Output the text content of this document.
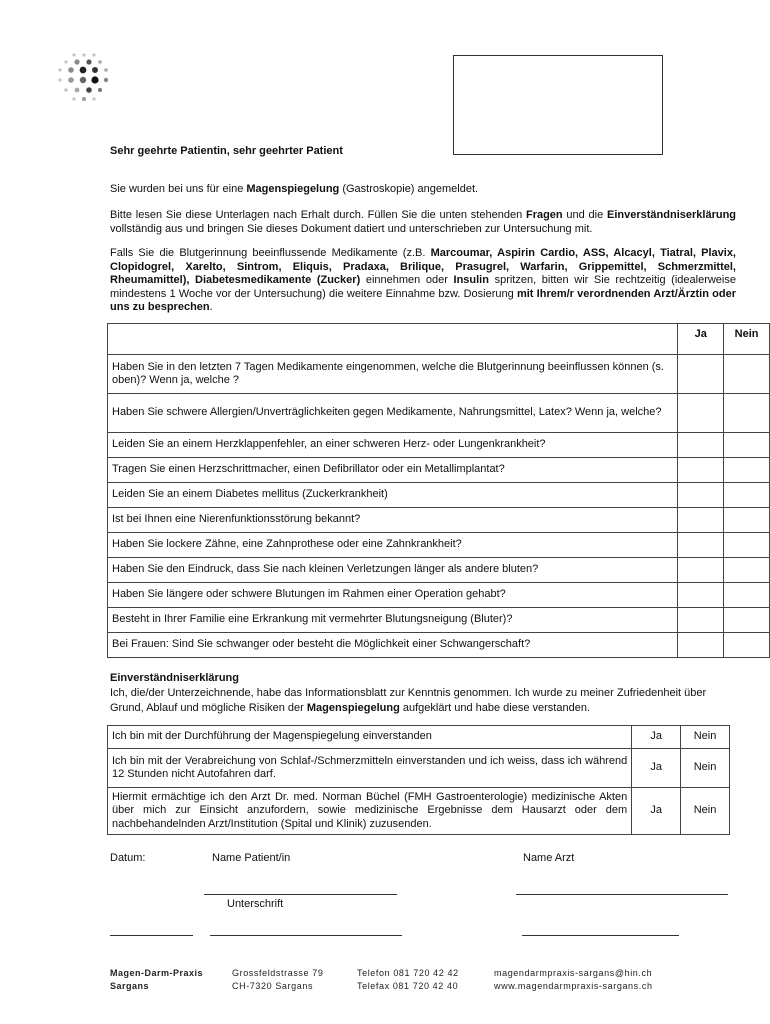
Sehr geehrte Patientin, sehr geehrter Patient
Sie wurden bei uns für eine Magenspiegelung (Gastroskopie) angemeldet.
Bitte lesen Sie diese Unterlagen nach Erhalt durch. Füllen Sie die unten stehenden Fragen und die Einverständniserklärung vollständig aus und bringen Sie dieses Dokument datiert und unterschrieben zur Untersuchung mit.
Falls Sie die Blutgerinnung beeinflussende Medikamente (z.B. Marcoumar, Aspirin Cardio, ASS, Alcacyl, Tiatral, Plavix, Clopidogrel, Xarelto, Sintrom, Eliquis, Pradaxa, Brilique, Prasugrel, Warfarin, Grippemittel, Schmerzmittel, Rheumamittel), Diabetesmedikamente (Zucker) einnehmen oder Insulin spritzen, bitten wir Sie rechtzeitig (idealerweise mindestens 1 Woche vor der Untersuchung) die weitere Einnahme bzw. Dosierung mit Ihrem/r verordnenden Arzt/Ärztin oder uns zu besprechen.
	Ja	Nein
Haben Sie in den letzten 7 Tagen Medikamente eingenommen, welche die Blutgerinnung beeinflussen können (s. oben)? Wenn ja, welche ?		
Haben Sie schwere Allergien/Unverträglichkeiten gegen Medikamente, Nahrungsmittel, Latex? Wenn ja, welche?		
Leiden Sie an einem Herzklappenfehler, an einer schweren Herz- oder Lungenkrankheit?		
Tragen Sie einen Herzschrittmacher, einen Defibrillator oder ein Metallimplantat?		
Leiden Sie an einem Diabetes mellitus (Zuckerkrankheit)		
Ist bei Ihnen eine Nierenfunktionsstörung bekannt?		
Haben Sie lockere Zähne, eine Zahnprothese oder eine Zahnkrankheit?		
Haben Sie den Eindruck, dass Sie nach kleinen Verletzungen länger als andere bluten?		
Haben Sie längere oder schwere Blutungen im Rahmen einer Operation gehabt?		
Besteht in Ihrer Familie eine Erkrankung mit vermehrter Blutungsneigung (Bluter)?		
Bei Frauen: Sind Sie schwanger oder besteht die Möglichkeit einer Schwangerschaft?		
Einverständniserklärung
Ich, die/der Unterzeichnende, habe das Informationsblatt zur Kenntnis genommen. Ich wurde zu meiner Zufriedenheit über Grund, Ablauf und mögliche Risiken der Magenspiegelung aufgeklärt und habe diese verstanden.
Ich bin mit der Durchführung der Magenspiegelung einverstanden	Ja	Nein
Ich bin mit der Verabreichung von Schlaf-/Schmerzmitteln einverstanden und ich weiss, dass ich während 12 Stunden nicht Autofahren darf.	Ja	Nein
Hiermit ermächtige ich den Arzt Dr. med. Norman Büchel (FMH Gastroenterologie) medizinische Akten über mich zur Einsicht anzufordern, sowie medizinische Ergebnisse dem Hausarzt oder dem nachbehandelnden Arzt/Institution (Spital und Klinik) zuzusenden.	Ja	Nein
Datum:	Name Patient/in	Name Arzt
Unterschrift
Magen-Darm-Praxis
Sargans
Grossfeldstrasse 79
CH-7320 Sargans
Telefon 081 720 42 42
Telefax 081 720 42 40
magendarmpraxis-sargans@hin.ch
www.magendarmpraxis-sargans.ch
